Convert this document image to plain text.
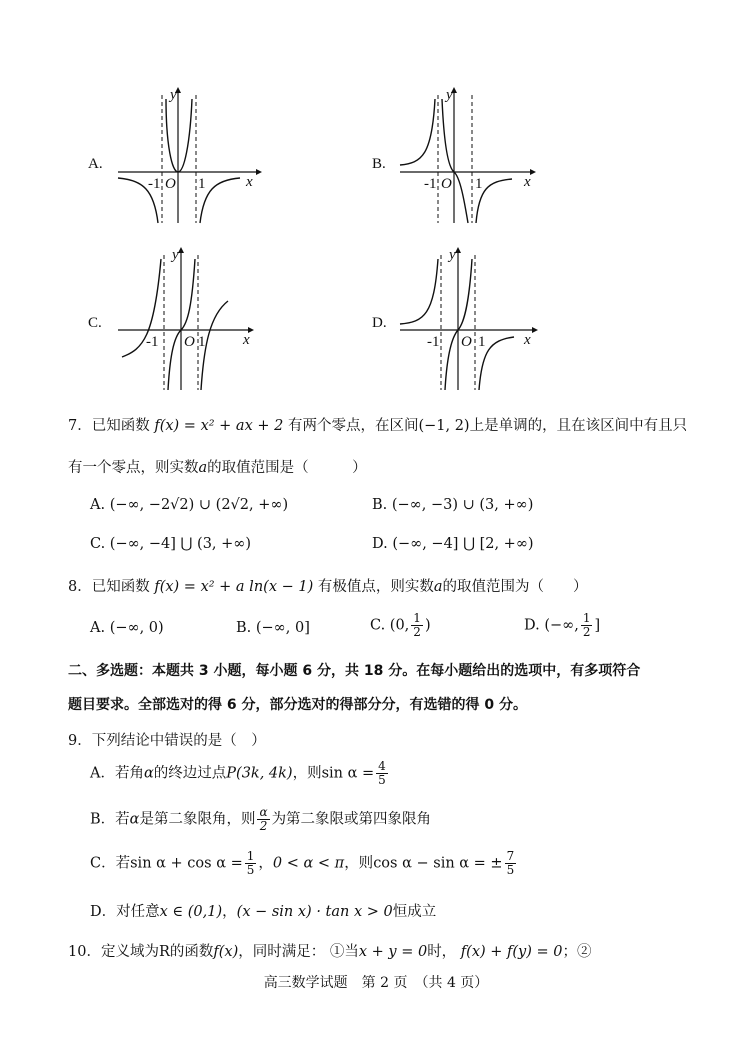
A.
y
x
-1 O 1
B.
y
x
-1 O 1
C.
y
x
-1 O 1
D.
y
x
-1 O 1
7．已知函数 f(x) = x² + ax + 2 有两个零点，在区间(−1, 2)上是单调的，且在该区间中有且只
有一个零点，则实数a的取值范围是（　　　）
A. (−∞, −2√2) ∪ (2√2, +∞)	B. (−∞, −3) ∪ (3, +∞)
C. (−∞, −4] ⋃ (3, +∞)	D. (−∞, −4] ⋃ [2, +∞)
8．已知函数 f(x) = x² + a ln(x − 1) 有极值点，则实数a的取值范围为（　　）
A. (−∞, 0)	B. (−∞, 0]	C. (0, $\frac{1}{2}$ )	D. (−∞, $\frac{1}{2}$ ]
二、多选题：本题共 3 小题，每小题 6 分，共 18 分。在每小题给出的选项中，有多项符合
题目要求。全部选对的得 6 分，部分选对的得部分分，有选错的得 0 分。
9．下列结论中错误的是（　）
A．若角α的终边过点P(3k, 4k)，则$\sin \alpha = \frac{4}{5}$
B．若α是第二象限角，则 $\frac{\alpha}{2}$ 为第二象限或第四象限角
C．若$\sin \alpha + \cos \alpha = \frac{1}{5}$ ，0 < α < π，则cos α − sin α = ± $\frac{7}{5}$
D．对任意x ∈ (0,1)，(x − sin x) · tan x > 0恒成立
10．定义域为R的函数f(x)，同时满足： ①当x + y = 0时， f(x) + f(y) = 0；②
高三数学试题　第 2 页　（共 4 页）
